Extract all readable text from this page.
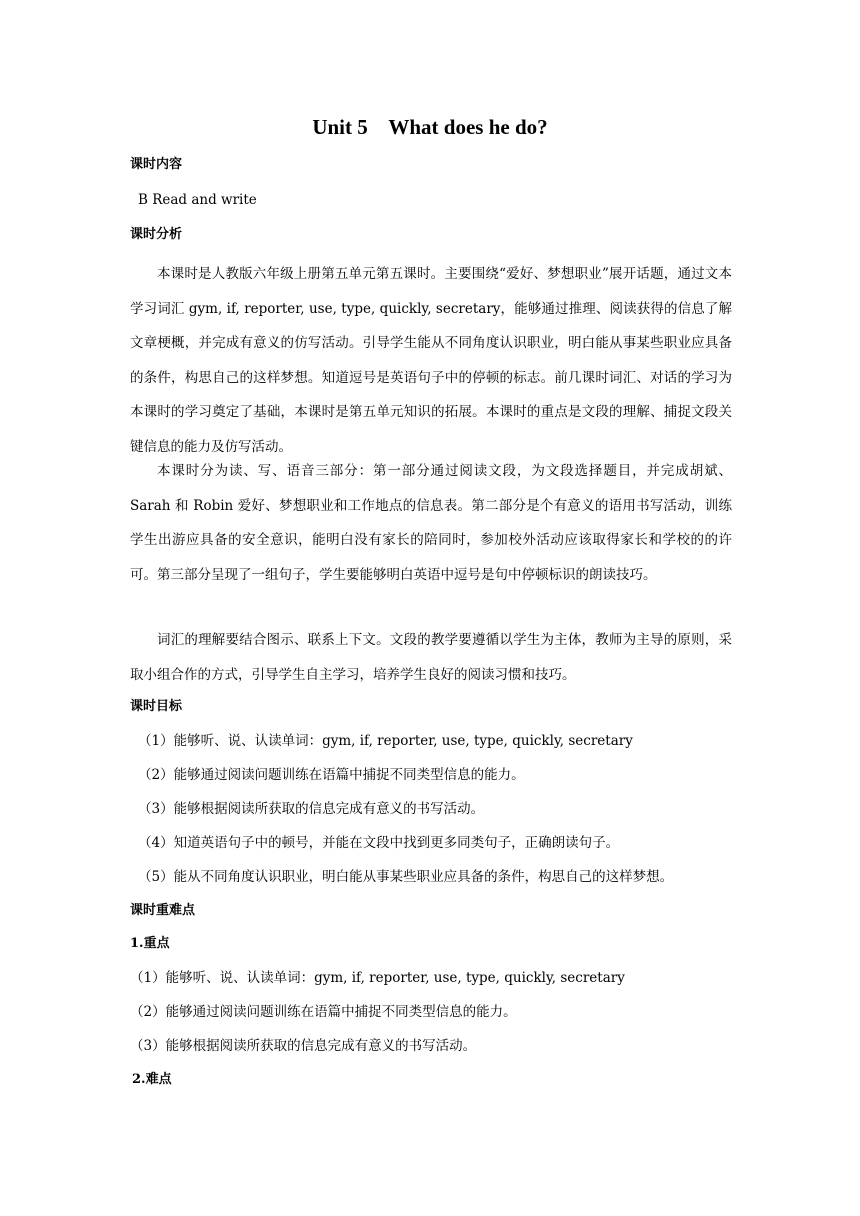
Unit 5    What does he do?
课时内容
B Read and write
课时分析

本课时是人教版六年级上册第五单元第五课时。主要围绕“爱好、梦想职业”展开话题，通过文本学习词汇 gym, if, reporter, use, type, quickly, secretary，能够通过推理、阅读获得的信息了解文章梗概，并完成有意义的仿写活动。引导学生能从不同角度认识职业，明白能从事某些职业应具备的条件，构思自己的这样梦想。知道逗号是英语句子中的停顿的标志。前几课时词汇、对话的学习为本课时的学习奠定了基础，本课时是第五单元知识的拓展。本课时的重点是文段的理解、捕捉文段关键信息的能力及仿写活动。

本课时分为读、写、语音三部分：第一部分通过阅读文段，为文段选择题目，并完成胡斌、Sarah 和 Robin 爱好、梦想职业和工作地点的信息表。第二部分是个有意义的语用书写活动，训练学生出游应具备的安全意识，能明白没有家长的陪同时，参加校外活动应该取得家长和学校的的许可。第三部分呈现了一组句子，学生要能够明白英语中逗号是句中停顿标识的朗读技巧。

词汇的理解要结合图示、联系上下文。文段的教学要遵循以学生为主体，教师为主导的原则，采取小组合作的方式，引导学生自主学习，培养学生良好的阅读习惯和技巧。

课时目标
（1）能够听、说、认读单词：gym, if, reporter, use, type, quickly, secretary
（2）能够通过阅读问题训练在语篇中捕捉不同类型信息的能力。
（3）能够根据阅读所获取的信息完成有意义的书写活动。
（4）知道英语句子中的顿号，并能在文段中找到更多同类句子，正确朗读句子。
（5）能从不同角度认识职业，明白能从事某些职业应具备的条件，构思自己的这样梦想。
课时重难点
1.重点
（1）能够听、说、认读单词：gym, if, reporter, use, type, quickly, secretary
（2）能够通过阅读问题训练在语篇中捕捉不同类型信息的能力。
（3）能够根据阅读所获取的信息完成有意义的书写活动。
2.难点
